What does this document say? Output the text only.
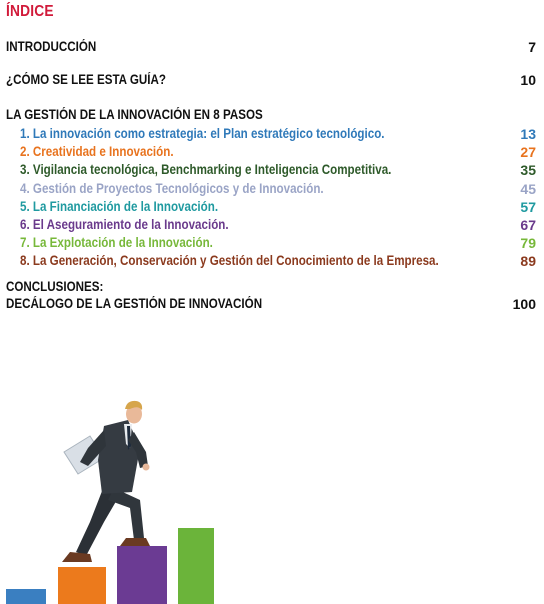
ÍNDICE
INTRODUCCIÓN	7
¿CÓMO SE LEE ESTA GUÍA?	10
LA GESTIÓN DE LA INNOVACIÓN EN 8 PASOS
1. La innovación como estrategia: el Plan estratégico tecnológico.	13
2. Creatividad e Innovación.	27
3. Vigilancia tecnológica, Benchmarking e Inteligencia Competitiva.	35
4. Gestión de Proyectos Tecnológicos y de Innovación.	45
5. La Financiación de la Innovación.	57
6. El Aseguramiento de la Innovación.	67
7. La Explotación de la Innovación.	79
8. La Generación, Conservación y Gestión del Conocimiento de la Empresa.	89
CONCLUSIONES:
DECÁLOGO DE LA GESTIÓN DE INNOVACIÓN	100
